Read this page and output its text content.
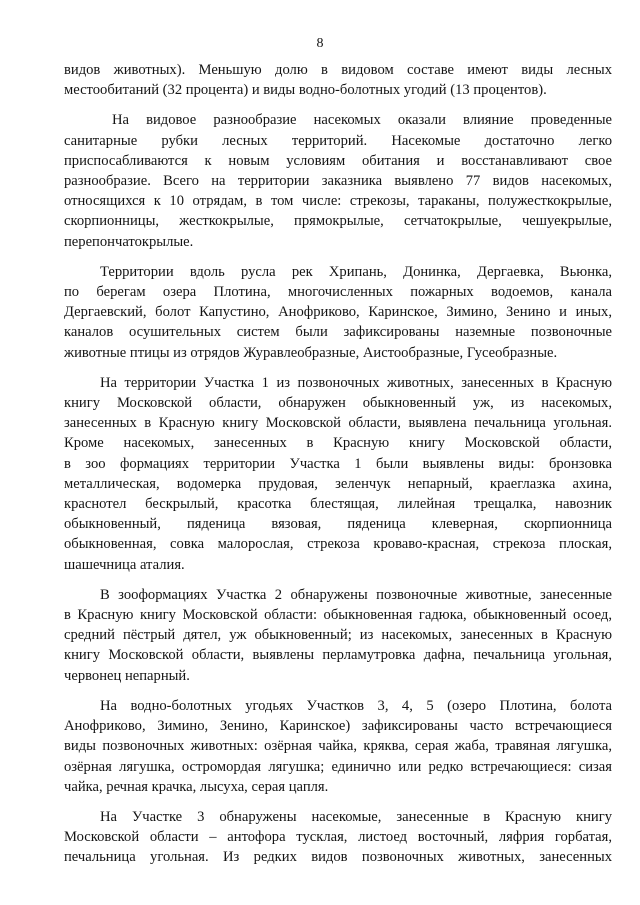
8
видов животных). Меньшую долю в видовом составе имеют виды лесных
местообитаний (32 процента) и виды водно-болотных угодий (13 процентов).
На видовое разнообразие насекомых оказали влияние проведенные
санитарные рубки лесных территорий. Насекомые достаточно легко
приспосабливаются к новым условиям обитания и восстанавливают свое
разнообразие. Всего на территории заказника выявлено 77 видов насекомых,
относящихся к 10 отрядам, в том числе: стрекозы, тараканы, полужесткокрылые,
скорпионницы, жесткокрылые, прямокрылые, сетчатокрылые, чешуекрылые,
перепончатокрылые.
Территории вдоль русла рек Хрипань, Донинка, Дергаевка, Вьюнка,
по берегам озера Плотина, многочисленных пожарных водоемов, канала
Дергаевский, болот Капустино, Анофриково, Каринское, Зимино, Зенино и иных,
каналов осушительных систем были зафиксированы наземные позвоночные
животные птицы из отрядов Журавлеобразные, Аистообразные, Гусеобразные.
На территории Участка 1 из позвоночных животных, занесенных в Красную
книгу Московской области, обнаружен обыкновенный уж, из насекомых,
занесенных в Красную книгу Московской области, выявлена печальница угольная.
Кроме насекомых, занесенных в Красную книгу Московской области,
в зоо формациях территории Участка 1 были выявлены виды: бронзовка
металлическая, водомерка прудовая, зеленчук непарный, краеглазка ахина,
краснотел бескрылый, красотка блестящая, лилейная трещалка, навозник
обыкновенный, пяденица вязовая, пяденица клеверная, скорпионница
обыкновенная, совка малорослая, стрекоза кроваво-красная, стрекоза плоская,
шашечница аталия.
В зооформациях Участка 2 обнаружены позвоночные животные, занесенные
в Красную книгу Московской области: обыкновенная гадюка, обыкновенный осоед,
средний пёстрый дятел, уж обыкновенный; из насекомых, занесенных в Красную
книгу Московской области, выявлены перламутровка дафна, печальница угольная,
червонец непарный.
На водно-болотных угодьях Участков 3, 4, 5 (озеро Плотина, болота
Анофриково, Зимино, Зенино, Каринское) зафиксированы часто встречающиеся
виды позвоночных животных: озёрная чайка, кряква, серая жаба, травяная лягушка,
озёрная лягушка, остромордая лягушка; единично или редко встречающиеся: сизая
чайка, речная крачка, лысуха, серая цапля.
На Участке 3 обнаружены насекомые, занесенные в Красную книгу
Московской области – антофора тусклая, листоед восточный, ляфрия горбатая,
печальница угольная. Из редких видов позвоночных животных, занесенных
